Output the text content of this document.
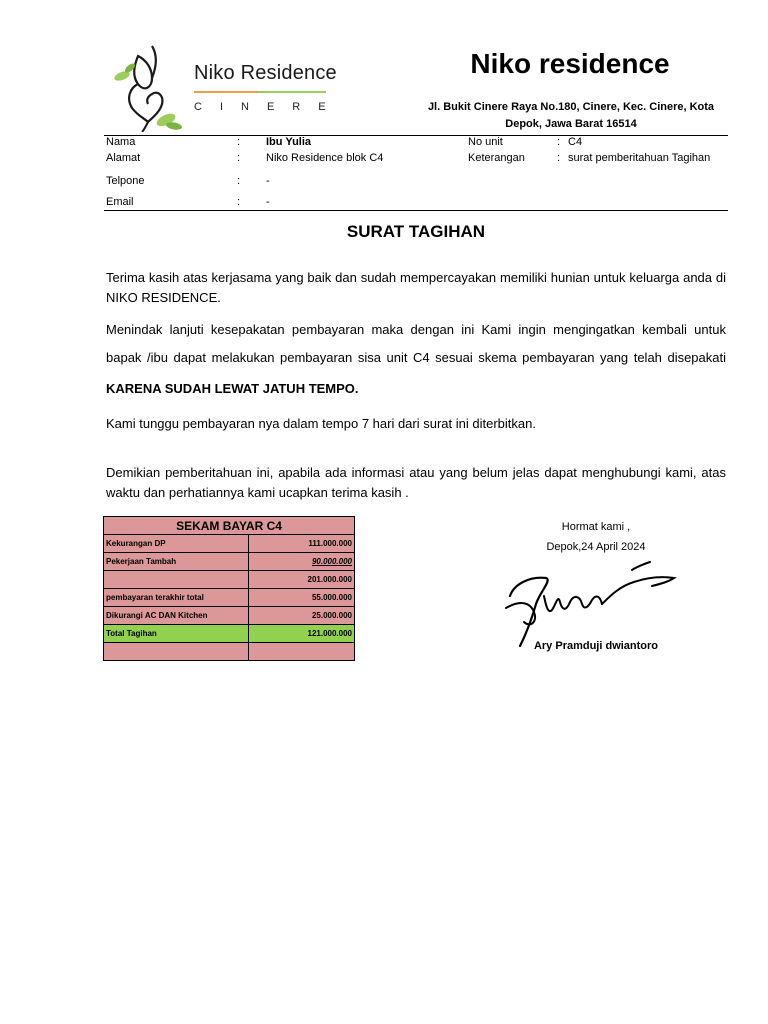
Niko Residence
CINERE
Niko residence
Jl. Bukit Cinere Raya No.180, Cinere, Kec. Cinere, Kota
Depok, Jawa Barat 16514
Nama	: Ibu Yulia
Alamat	: Niko Residence blok C4
Telpone	: -
Email	: -
No unit	: C4
Keterangan	: surat pemberitahuan Tagihan
SURAT TAGIHAN
Terima kasih atas kerjasama yang baik dan sudah mempercayakan memiliki hunian untuk keluarga anda di NIKO RESIDENCE.
Menindak lanjuti kesepakatan pembayaran maka dengan ini Kami ingin mengingatkan kembali untuk
bapak /ibu dapat melakukan pembayaran sisa unit C4 sesuai skema pembayaran yang telah disepakati
KARENA SUDAH LEWAT JATUH TEMPO.
Kami tunggu pembayaran nya dalam tempo 7 hari dari surat ini diterbitkan.
Demikian pemberitahuan ini, apabila ada informasi atau yang belum jelas dapat menghubungi kami, atas waktu dan perhatiannya kami ucapkan terima kasih .
SEKAM BAYAR C4	
Kekurangan DP	111.000.000
Pekerjaan Tambah	90.000.000
	201.000.000
pembayaran terakhir total	55.000.000
Dikurangi AC DAN Kitchen	25.000.000
Total Tagihan	121.000.000

Hormat kami ,
Depok,24 April 2024
Ary Pramduji dwiantoro
